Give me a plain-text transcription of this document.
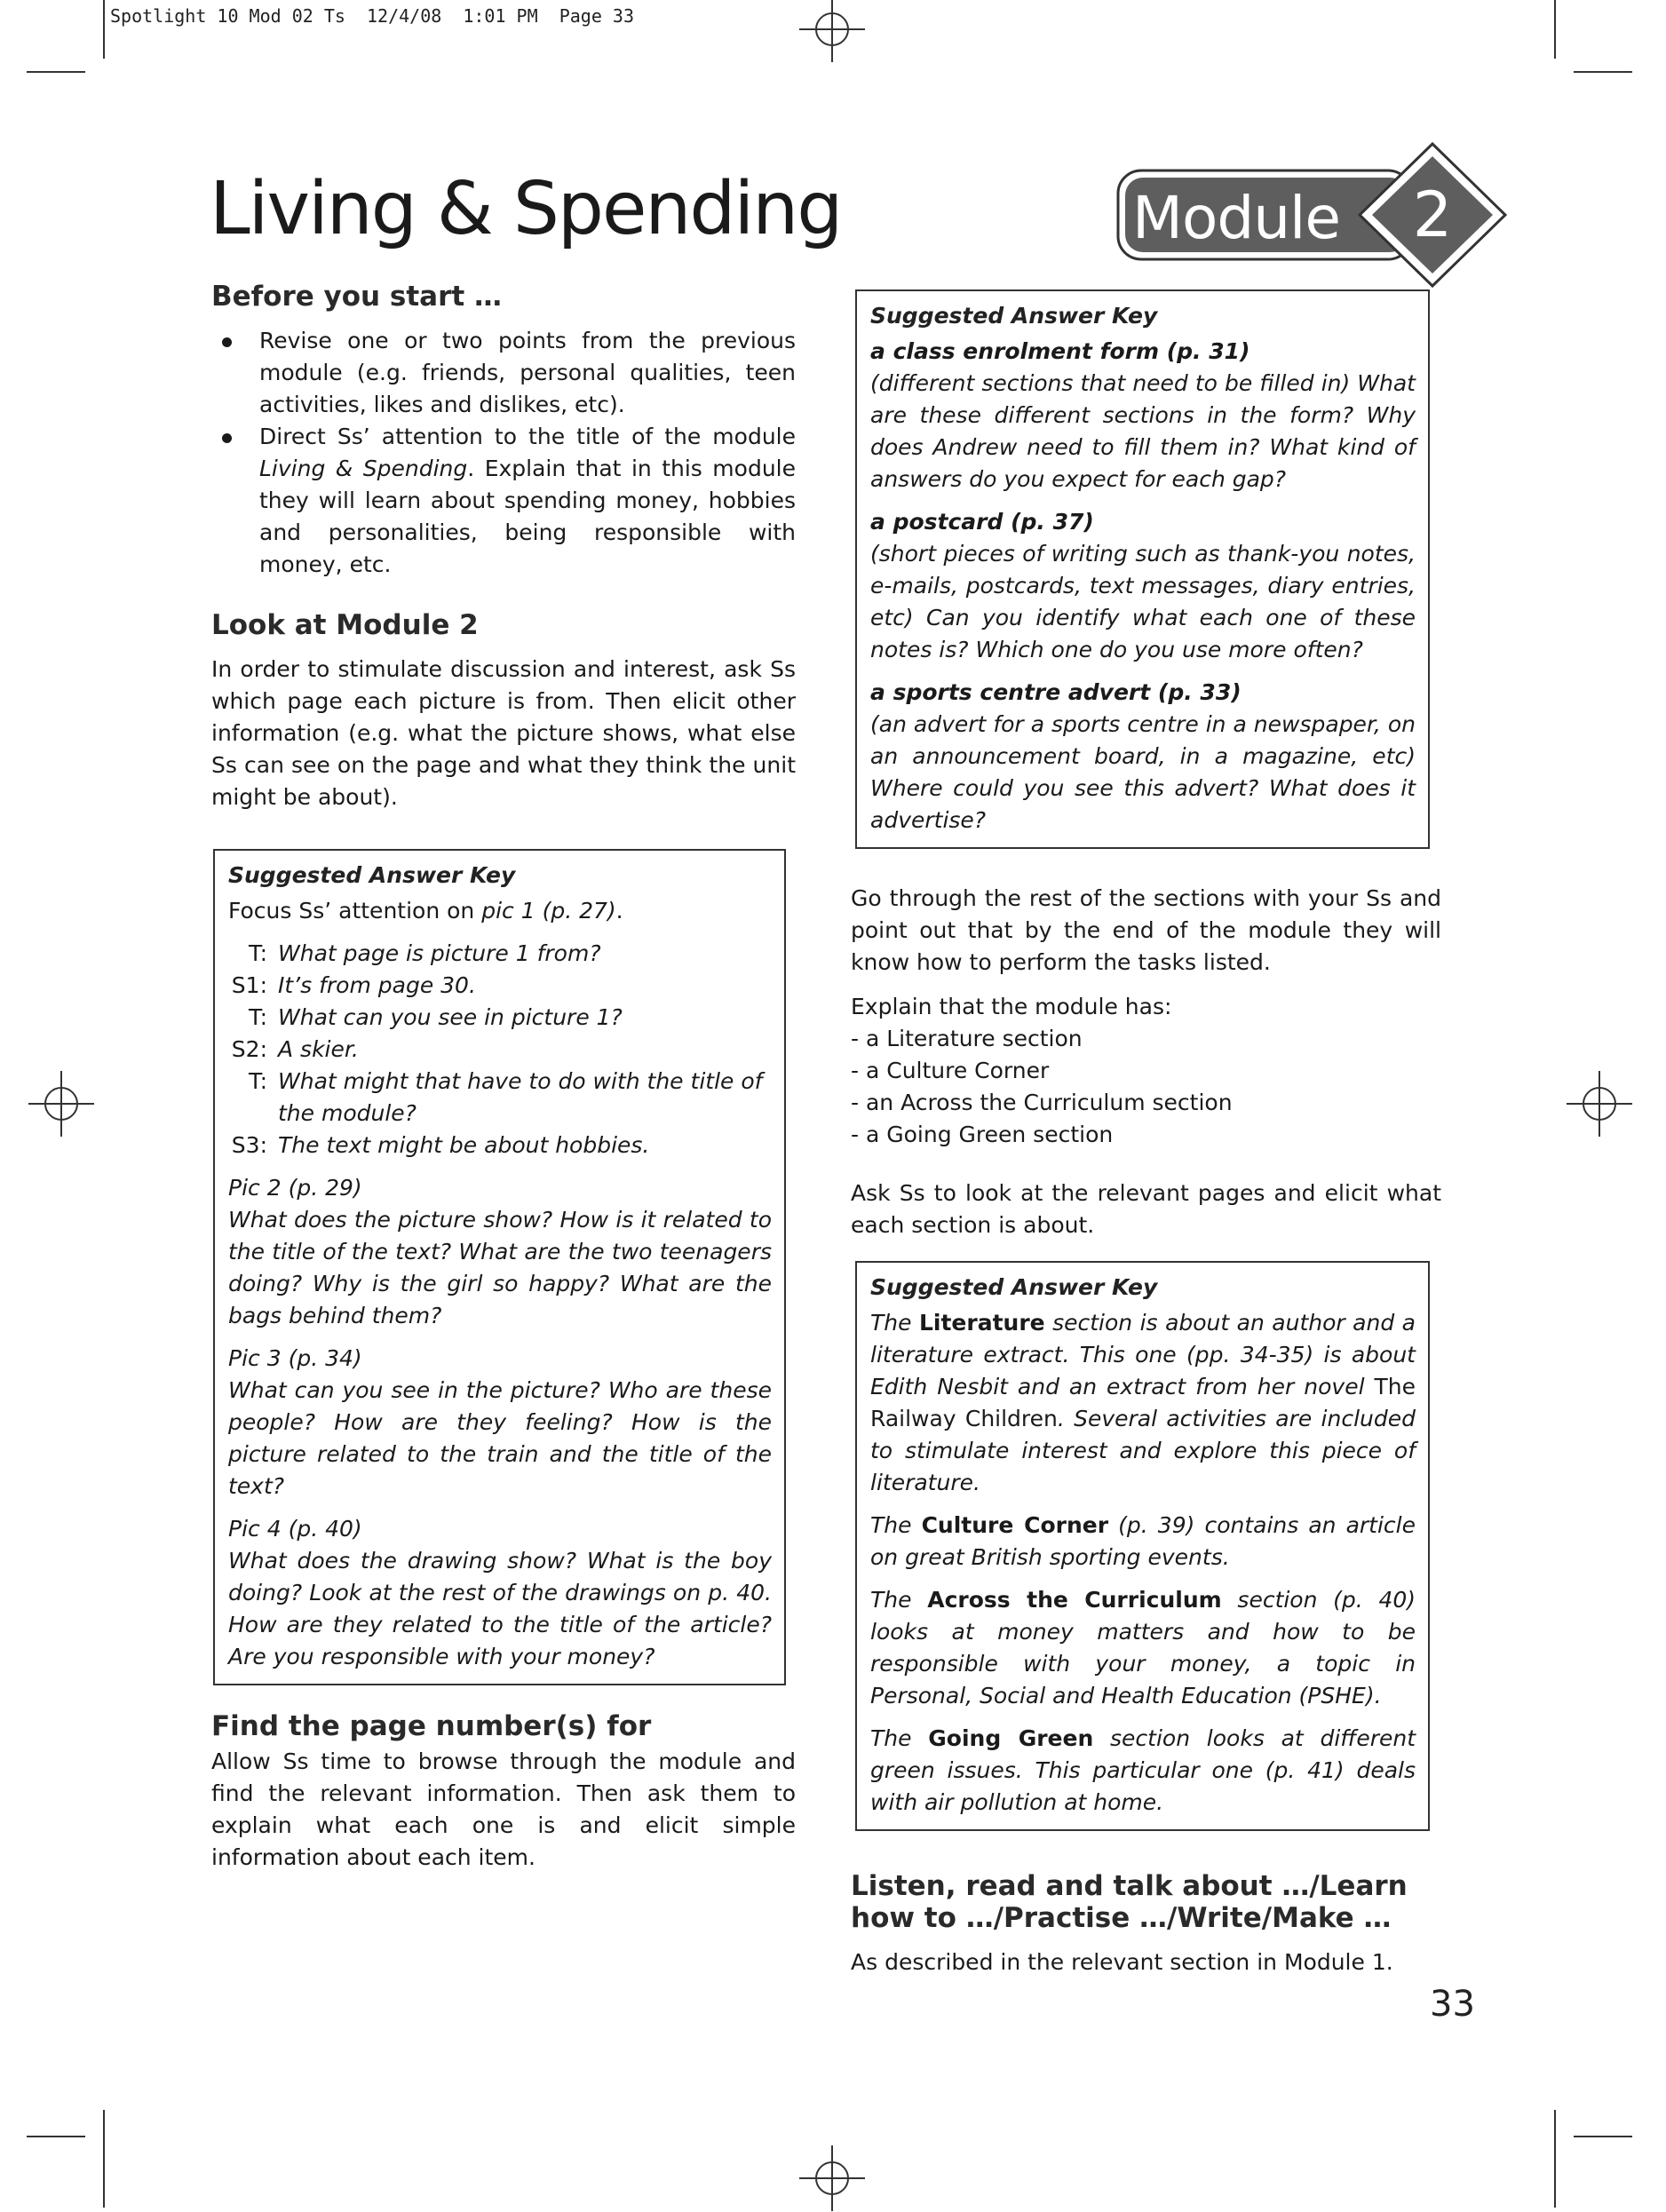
Spotlight 10 Mod 02 Ts  12/4/08  1:01 PM  Page 33
Living & Spending	Module 2
Before you start …
Revise one or two points from the previous module (e.g. friends, personal qualities, teen activities, likes and dislikes, etc).
Direct Ss’ attention to the title of the module Living & Spending. Explain that in this module they will learn about spending money, hobbies and personalities, being responsible with money, etc.
Look at Module 2

In order to stimulate discussion and interest, ask Ss which page each picture is from. Then elicit other information (e.g. what the picture shows, what else Ss can see on the page and what they think the unit might be about).

Suggested Answer Key

Focus Ss’ attention on pic 1 (p. 27).

T: What page is picture 1 from?
S1: It’s from page 30.
T: What can you see in picture 1?
S2: A skier.
T: What might that have to do with the title of the module?
S3: The text might be about hobbies.

Pic 2 (p. 29)
What does the picture show? How is it related to the title of the text? What are the two teenagers doing? Why is the girl so happy? What are the bags behind them?

Pic 3 (p. 34)
What can you see in the picture? Who are these people? How are they feeling? How is the picture related to the train and the title of the text?

Pic 4 (p. 40)
What does the drawing show? What is the boy doing? Look at the rest of the drawings on p. 40. How are they related to the title of the article? Are you responsible with your money?

Find the page number(s) for

Allow Ss time to browse through the module and find the relevant information. Then ask them to explain what each one is and elicit simple information about each item.

Suggested Answer Key

a class enrolment form (p. 31)
(different sections that need to be filled in) What are these different sections in the form? Why does Andrew need to fill them in? What kind of answers do you expect for each gap?

a postcard (p. 37)
(short pieces of writing such as thank-you notes, e-mails, postcards, text messages, diary entries, etc) Can you identify what each one of these notes is? Which one do you use more often?

a sports centre advert (p. 33)
(an advert for a sports centre in a newspaper, on an announcement board, in a magazine, etc) Where could you see this advert? What does it advertise?

Go through the rest of the sections with your Ss and point out that by the end of the module they will know how to perform the tasks listed.

Explain that the module has:

- a Literature section
- a Culture Corner
- an Across the Curriculum section
- a Going Green section

Ask Ss to look at the relevant pages and elicit what each section is about.

Suggested Answer Key

The Literature section is about an author and a literature extract. This one (pp. 34-35) is about Edith Nesbit and an extract from her novel The Railway Children. Several activities are included to stimulate interest and explore this piece of literature.

The Culture Corner (p. 39) contains an article on great British sporting events.

The Across the Curriculum section (p. 40) looks at money matters and how to be responsible with your money, a topic in Personal, Social and Health Education (PSHE).

The Going Green section looks at different green issues. This particular one (p. 41) deals with air pollution at home.

Listen, read and talk about …/Learn how to …/Practise …/Write/Make …

As described in the relevant section in Module 1.

33
